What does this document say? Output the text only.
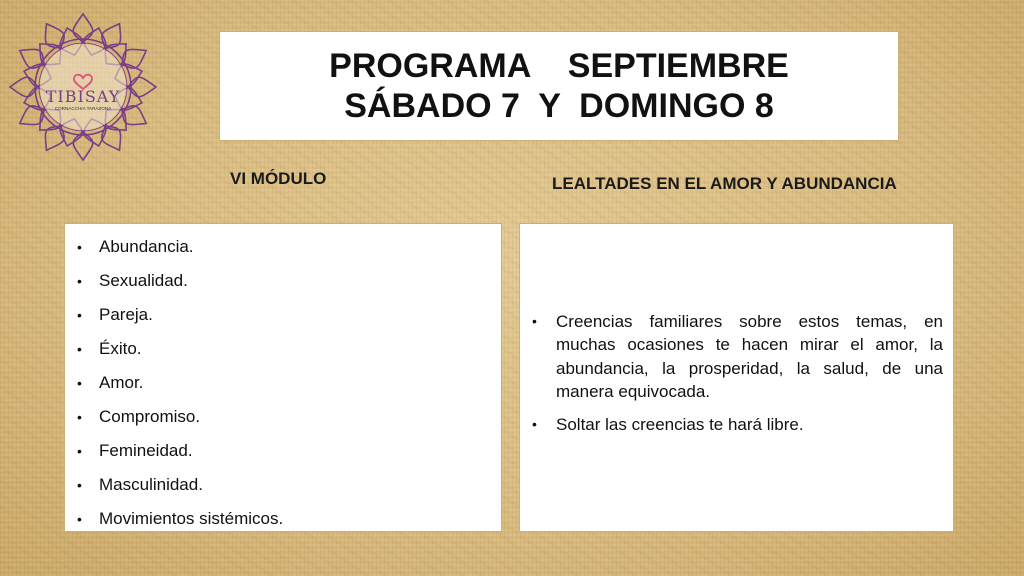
TIBISAY
CORNACCHIA TARAZONA
PROGRAMA    SEPTIEMBRE
SÁBADO 7  Y  DOMINGO 8
VI MÓDULO	LEALTADES EN EL AMOR Y ABUNDANCIA
• Abundancia.
• Sexualidad.
• Pareja.
• Éxito.
• Amor.
• Compromiso.
• Femineidad.
• Masculinidad.
• Movimientos sistémicos.
• Creencias familiares sobre estos temas, en muchas ocasiones te hacen mirar el amor, la abundancia, la prosperidad, la salud, de una manera equivocada.
• Soltar las creencias te hará libre.
